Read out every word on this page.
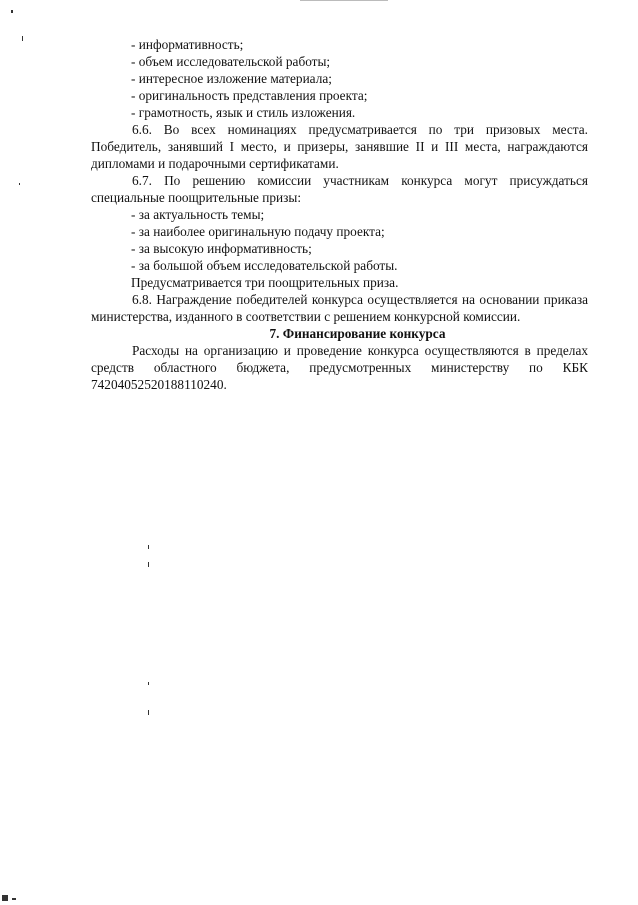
- информативность;
- объем исследовательской работы;
- интересное изложение материала;
- оригинальность представления проекта;
- грамотность, язык и стиль изложения.

6.6. Во всех номинациях предусматривается по три призовых места. Победитель, занявший I место, и призеры, занявшие II и III места, награждаются дипломами и подарочными сертификатами.

6.7. По решению комиссии участникам конкурса могут присуждаться специальные поощрительные призы:

- за актуальность темы;
- за наиболее оригинальную подачу проекта;
- за высокую информативность;
- за большой объем исследовательской работы.
Предусматривается три поощрительных приза.

6.8. Награждение победителей конкурса осуществляется на основании приказа министерства, изданного в соответствии с решением конкурсной комиссии.

7. Финансирование конкурса

Расходы на организацию и проведение конкурса осуществляются в пределах средств областного бюджета, предусмотренных министерству по КБК 74204052520188110240.
